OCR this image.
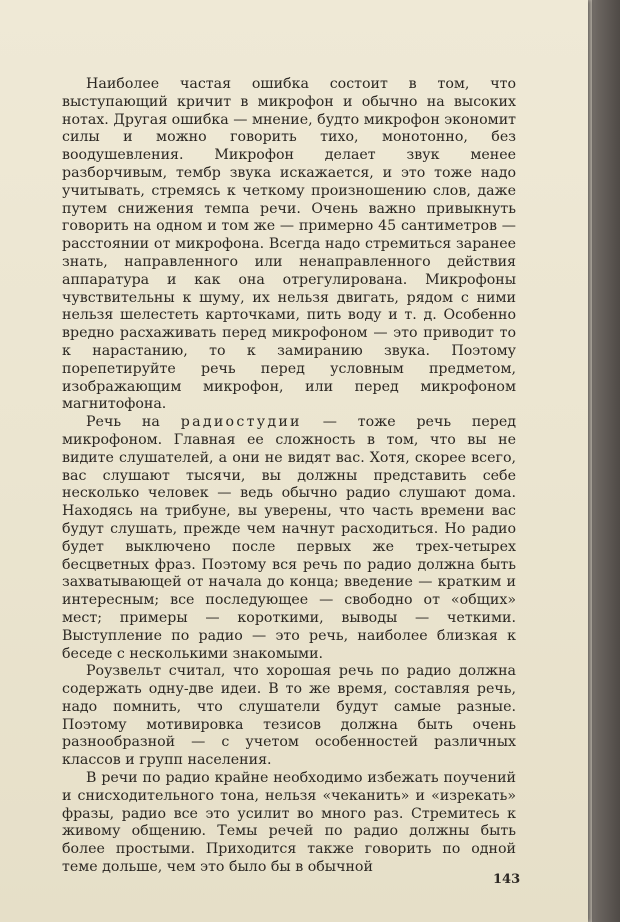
Наиболее частая ошибка состоит в том, что выступающий кричит в микрофон и обычно на высоких нотах. Другая ошибка — мнение, будто микрофон экономит силы и можно говорить тихо, монотонно, без воодушевления. Микрофон делает звук менее разборчивым, тембр звука искажается, и это тоже надо учитывать, стремясь к четкому произношению слов, даже путем снижения темпа речи. Очень важно привыкнуть говорить на одном и том же — примерно 45 сантиметров — расстоянии от микрофона. Всегда надо стремиться заранее знать, направленного или ненаправленного действия аппаратура и как она отрегулирована. Микрофоны чувствительны к шуму, их нельзя двигать, рядом с ними нельзя шелестеть карточками, пить воду и т. д. Особенно вредно расхаживать перед микрофоном — это приводит то к нарастанию, то к замиранию звука. Поэтому порепетируйте речь перед условным предметом, изображающим микрофон, или перед микрофоном магнитофона.

Речь на радиостудии — тоже речь перед микрофоном. Главная ее сложность в том, что вы не видите слушателей, а они не видят вас. Хотя, скорее всего, вас слушают тысячи, вы должны представить себе несколько человек — ведь обычно радио слушают дома. Находясь на трибуне, вы уверены, что часть времени вас будут слушать, прежде чем начнут расходиться. Но радио будет выключено после первых же трех-четырех бесцветных фраз. Поэтому вся речь по радио должна быть захватывающей от начала до конца; введение — кратким и интересным; все последующее — свободно от «общих» мест; примеры — короткими, выводы — четкими. Выступление по радио — это речь, наиболее близкая к беседе с несколькими знакомыми.

Роузвельт считал, что хорошая речь по радио должна содержать одну-две идеи. В то же время, составляя речь, надо помнить, что слушатели будут самые разные. Поэтому мотивировка тезисов должна быть очень разнообразной — с учетом особенностей различных классов и групп населения.

В речи по радио крайне необходимо избежать поучений и снисходительного тона, нельзя «чеканить» и «изрекать» фразы, радио все это усилит во много раз. Стремитесь к живому общению. Темы речей по радио должны быть более простыми. Приходится также говорить по одной теме дольше, чем это было бы в обычной

143
